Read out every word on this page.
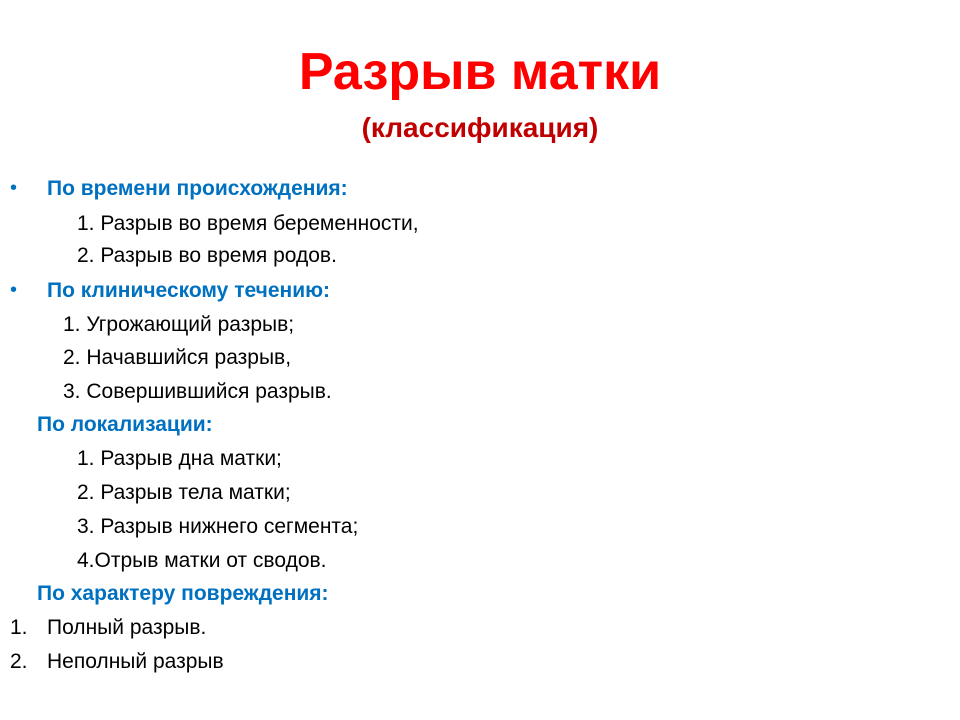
Разрыв матки
(классификация)
• По времени происхождения:
1. Разрыв во время беременности,
2. Разрыв во время родов.
• По клиническому течению:
1. Угрожающий разрыв;
2. Начавшийся разрыв,
3. Совершившийся разрыв.
По локализации:
1. Разрыв дна матки;
2. Разрыв тела матки;
3. Разрыв нижнего сегмента;
4.Отрыв матки от сводов.
По характеру повреждения:
1. Полный разрыв.
2. Неполный разрыв
